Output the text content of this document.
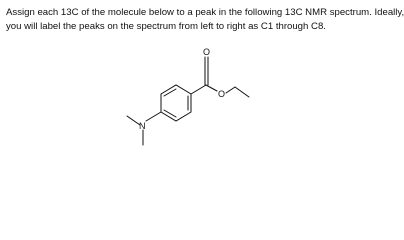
Assign each 13C of the molecule below to a peak in the following 13C NMR spectrum. Ideally,
you will label the peaks on the spectrum from left to right as C1 through C8.

O
O
N
